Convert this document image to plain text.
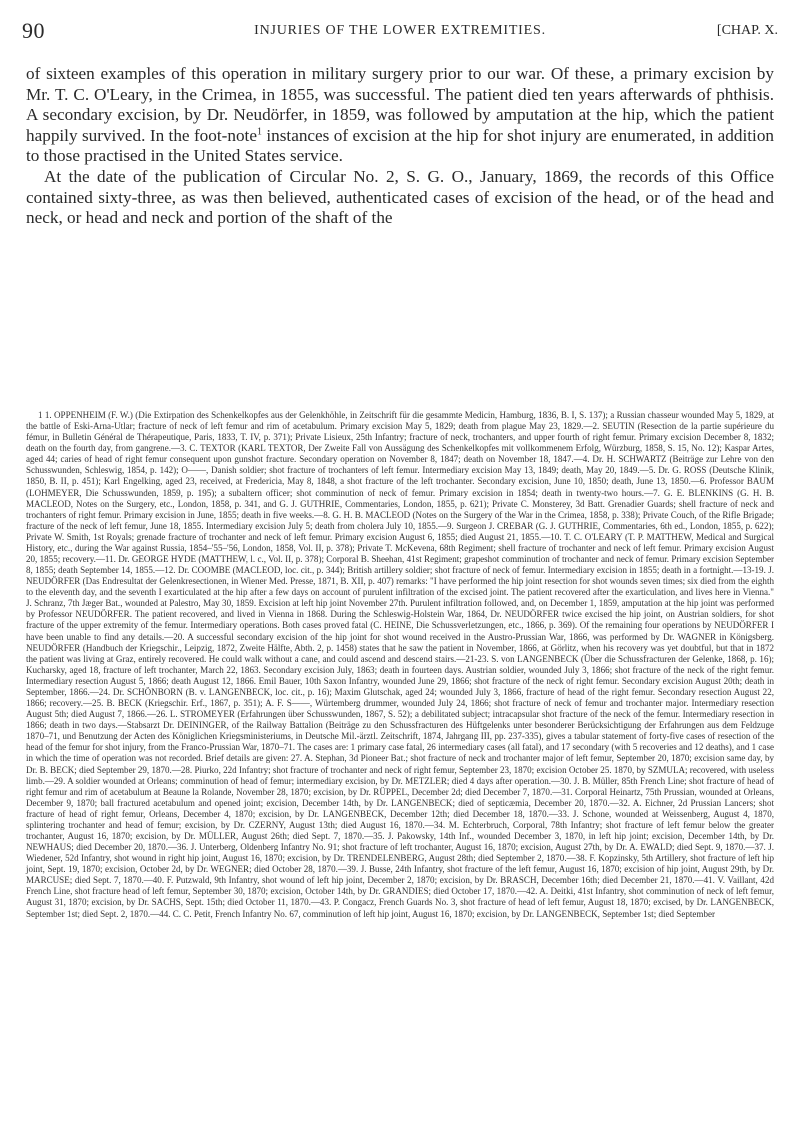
90	INJURIES OF THE LOWER EXTREMITIES.	[CHAP. X.

of sixteen examples of this operation in military surgery prior to our war. Of these, a primary excision by Mr. T. C. O'Leary, in the Crimea, in 1855, was successful. The patient died ten years afterwards of phthisis. A secondary excision, by Dr. Neudörfer, in 1859, was followed by amputation at the hip, which the patient happily survived. In the foot-note$^1$ instances of excision at the hip for shot injury are enumerated, in addition to those practised in the United States service.

At the date of the publication of Circular No. 2, S. G. O., January, 1869, the records of this Office contained sixty-three, as was then believed, authenticated cases of excision of the head, or of the head and neck, or head and neck and portion of the shaft of the

1 1. OPPENHEIM (F. W.) (Die Extirpation des Schenkelkopfes aus der Gelenkhöhle, in Zeitschrift für die gesammte Medicin, Hamburg, 1836, B. I, S. 137); a Russian chasseur wounded May 5, 1829, at the battle of Eski-Arna-Utlar; fracture of neck of left femur and rim of acetabulum. Primary excision May 5, 1829; death from plague May 23, 1829.—2. SEUTIN (Resection de la partie supérieure du fémur, in Bulletin Général de Thérapeutique, Paris, 1833, T. IV, p. 371); Private Lisieux, 25th Infantry; fracture of neck, trochanters, and upper fourth of right femur. Primary excision December 8, 1832; death on the fourth day, from gangrene.—3. C. TEXTOR (KARL TEXTOR, Der Zweite Fall von Aussägung des Schenkelkopfes mit vollkommenem Erfolg, Würzburg, 1858, S. 15, No. 12); Kaspar Artes, aged 44; caries of head of right femur consequent upon gunshot fracture. Secondary operation on November 8, 1847; death on November 18, 1847.—4. Dr. H. SCHWARTZ (Beiträge zur Lehre von den Schusswunden, Schleswig, 1854, p. 142); O——, Danish soldier; shot fracture of trochanters of left femur. Intermediary excision May 13, 1849; death, May 20, 1849.—5. Dr. G. ROSS (Deutsche Klinik, 1850, B. II, p. 451); Karl Engelking, aged 23, received, at Fredericia, May 8, 1848, a shot fracture of the left trochanter. Secondary excision, June 10, 1850; death, June 13, 1850.—6. Professor BAUM (LOHMEYER, Die Schusswunden, 1859, p. 195); a subaltern officer; shot comminution of neck of femur. Primary excision in 1854; death in twenty-two hours.—7. G. E. BLENKINS (G. H. B. MACLEOD, Notes on the Surgery, etc., London, 1858, p. 341, and G. J. GUTHRIE, Commentaries, London, 1855, p. 621); Private C. Monsterey, 3d Batt. Grenadier Guards; shell fracture of neck and trochanters of right femur. Primary excision in June, 1855; death in five weeks.—8. G. H. B. MACLEOD (Notes on the Surgery of the War in the Crimea, 1858, p. 338); Private Couch, of the Rifle Brigade; fracture of the neck of left femur, June 18, 1855. Intermediary excision July 5; death from cholera July 10, 1855.—9. Surgeon J. CREBAR (G. J. GUTHRIE, Commentaries, 6th ed., London, 1855, p. 622); Private W. Smith, 1st Royals; grenade fracture of trochanter and neck of left femur. Primary excision August 6, 1855; died August 21, 1855.—10. T. C. O'LEARY (T. P. MATTHEW, Medical and Surgical History, etc., during the War against Russia, 1854–'55–'56, London, 1858, Vol. II, p. 378); Private T. McKevena, 68th Regiment; shell fracture of trochanter and neck of left femur. Primary excision August 20, 1855; recovery.—11. Dr. GEORGE HYDE (MATTHEW, l. c., Vol. II, p. 378); Corporal B. Sheehan, 41st Regiment; grapeshot comminution of trochanter and neck of femur. Primary excision September 8, 1855; death September 14, 1855.—12. Dr. COOMBE (MACLEOD, loc. cit., p. 344); British artillery soldier; shot fracture of neck of femur. Intermediary excision in 1855; death in a fortnight.—13-19. J. NEUDÖRFER (Das Endresultat der Gelenkresectionen, in Wiener Med. Presse, 1871, B. XII, p. 407) remarks: "I have performed the hip joint resection for shot wounds seven times; six died from the eighth to the eleventh day, and the seventh I exarticulated at the hip after a few days on account of purulent infiltration of the excised joint. The patient recovered after the exarticulation, and lives here in Vienna." J. Schranz, 7th Jæger Bat., wounded at Palestro, May 30, 1859. Excision at left hip joint November 27th. Purulent infiltration followed, and, on December 1, 1859, amputation at the hip joint was performed by Professor NEUDÖRFER. The patient recovered, and lived in Vienna in 1868. During the Schleswig-Holstein War, 1864, Dr. NEUDÖRFER twice excised the hip joint, on Austrian soldiers, for shot fracture of the upper extremity of the femur. Intermediary operations. Both cases proved fatal (C. HEINE, Die Schussverletzungen, etc., 1866, p. 369). Of the remaining four operations by NEUDÖRFER I have been unable to find any details.—20. A successful secondary excision of the hip joint for shot wound received in the Austro-Prussian War, 1866, was performed by Dr. WAGNER in Königsberg. NEUDÖRFER (Handbuch der Kriegschir., Leipzig, 1872, Zweite Hälfte, Abth. 2, p. 1458) states that he saw the patient in November, 1866, at Görlitz, when his recovery was yet doubtful, but that in 1872 the patient was living at Graz, entirely recovered. He could walk without a cane, and could ascend and descend stairs.—21-23. S. von LANGENBECK (Über die Schussfracturen der Gelenke, 1868, p. 16); Kucharsky, aged 18, fracture of left trochanter, March 22, 1863. Secondary excision July, 1863; death in fourteen days. Austrian soldier, wounded July 3, 1866; shot fracture of the neck of the right femur. Intermediary resection August 5, 1866; death August 12, 1866. Emil Bauer, 10th Saxon Infantry, wounded June 29, 1866; shot fracture of the neck of right femur. Secondary excision August 20th; death in September, 1866.—24. Dr. SCHÖNBORN (B. v. LANGENBECK, loc. cit., p. 16); Maxim Glutschak, aged 24; wounded July 3, 1866, fracture of head of the right femur. Secondary resection August 22, 1866; recovery.—25. B. BECK (Kriegschir. Erf., 1867, p. 351); A. F. S——, Würtemberg drummer, wounded July 24, 1866; shot fracture of neck of femur and trochanter major. Intermediary resection August 5th; died August 7, 1866.—26. L. STROMEYER (Erfahrungen über Schusswunden, 1867, S. 52); a debilitated subject; intracapsular shot fracture of the neck of the femur. Intermediary resection in 1866; death in two days.—Stabsarzt Dr. DEININGER, of the Railway Battalion (Beiträge zu den Schussfracturen des Hüftgelenks unter besonderer Berücksichtigung der Erfahrungen aus dem Feldzuge 1870–71, und Benutzung der Acten des Königlichen Kriegsministeriums, in Deutsche Mil.-ärztl. Zeitschrift, 1874, Jahrgang III, pp. 237-335), gives a tabular statement of forty-five cases of resection of the head of the femur for shot injury, from the Franco-Prussian War, 1870–71. The cases are: 1 primary case fatal, 26 intermediary cases (all fatal), and 17 secondary (with 5 recoveries and 12 deaths), and 1 case in which the time of operation was not recorded. Brief details are given: 27. A. Stephan, 3d Pioneer Bat.; shot fracture of neck and trochanter major of left femur, September 20, 1870; excision same day, by Dr. B. BECK; died September 29, 1870.—28. Piurko, 22d Infantry; shot fracture of trochanter and neck of right femur, September 23, 1870; excision October 25. 1870, by SZMULA; recovered, with useless limb.—29. A soldier wounded at Orleans; comminution of head of femur; intermediary excision, by Dr. METZLER; died 4 days after operation.—30. J. B. Müller, 85th French Line; shot fracture of head of right femur and rim of acetabulum at Beaune la Rolande, November 28, 1870; excision, by Dr. RÜPPEL, December 2d; died December 7, 1870.—31. Corporal Heinartz, 75th Prussian, wounded at Orleans, December 9, 1870; ball fractured acetabulum and opened joint; excision, December 14th, by Dr. LANGENBECK; died of septicæmia, December 20, 1870.—32. A. Eichner, 2d Prussian Lancers; shot fracture of head of right femur, Orleans, December 4, 1870; excision, by Dr. LANGENBECK, December 12th; died December 18, 1870.—33. J. Schone, wounded at Weissenberg, August 4, 1870, splintering trochanter and head of femur; excision, by Dr. CZERNY, August 13th; died August 16, 1870.—34. M. Echterbruch, Corporal, 78th Infantry; shot fracture of left femur below the greater trochanter, August 16, 1870; excision, by Dr. MÜLLER, August 26th; died Sept. 7, 1870.—35. J. Pakowsky, 14th Inf., wounded December 3, 1870, in left hip joint; excision, December 14th, by Dr. NEWHAUS; died December 20, 1870.—36. J. Unterberg, Oldenberg Infantry No. 91; shot fracture of left trochanter, August 16, 1870; excision, August 27th, by Dr. A. EWALD; died Sept. 9, 1870.—37. J. Wiedener, 52d Infantry, shot wound in right hip joint, August 16, 1870; excision, by Dr. TRENDELENBERG, August 28th; died September 2, 1870.—38. F. Kopzinsky, 5th Artillery, shot fracture of left hip joint, Sept. 19, 1870; excision, October 2d, by Dr. WEGNER; died October 28, 1870.—39. J. Busse, 24th Infantry, shot fracture of the left femur, August 16, 1870; excision of hip joint, August 29th, by Dr. MARCUSE; died Sept. 7, 1870.—40. F. Putzwald, 9th Infantry, shot wound of left hip joint, December 2, 1870; excision, by Dr. BRASCH, December 16th; died December 21, 1870.—41. V. Vaillant, 42d French Line, shot fracture head of left femur, September 30, 1870; excision, October 14th, by Dr. GRANDIES; died October 17, 1870.—42. A. Deitki, 41st Infantry, shot comminution of neck of left femur, August 31, 1870; excision, by Dr. SACHS, Sept. 15th; died October 11, 1870.—43. P. Congacz, French Guards No. 3, shot fracture of head of left femur, August 18, 1870; excised, by Dr. LANGENBECK, September 1st; died Sept. 2, 1870.—44. C. C. Petit, French Infantry No. 67, comminution of left hip joint, August 16, 1870; excision, by Dr. LANGENBECK, September 1st; died September
